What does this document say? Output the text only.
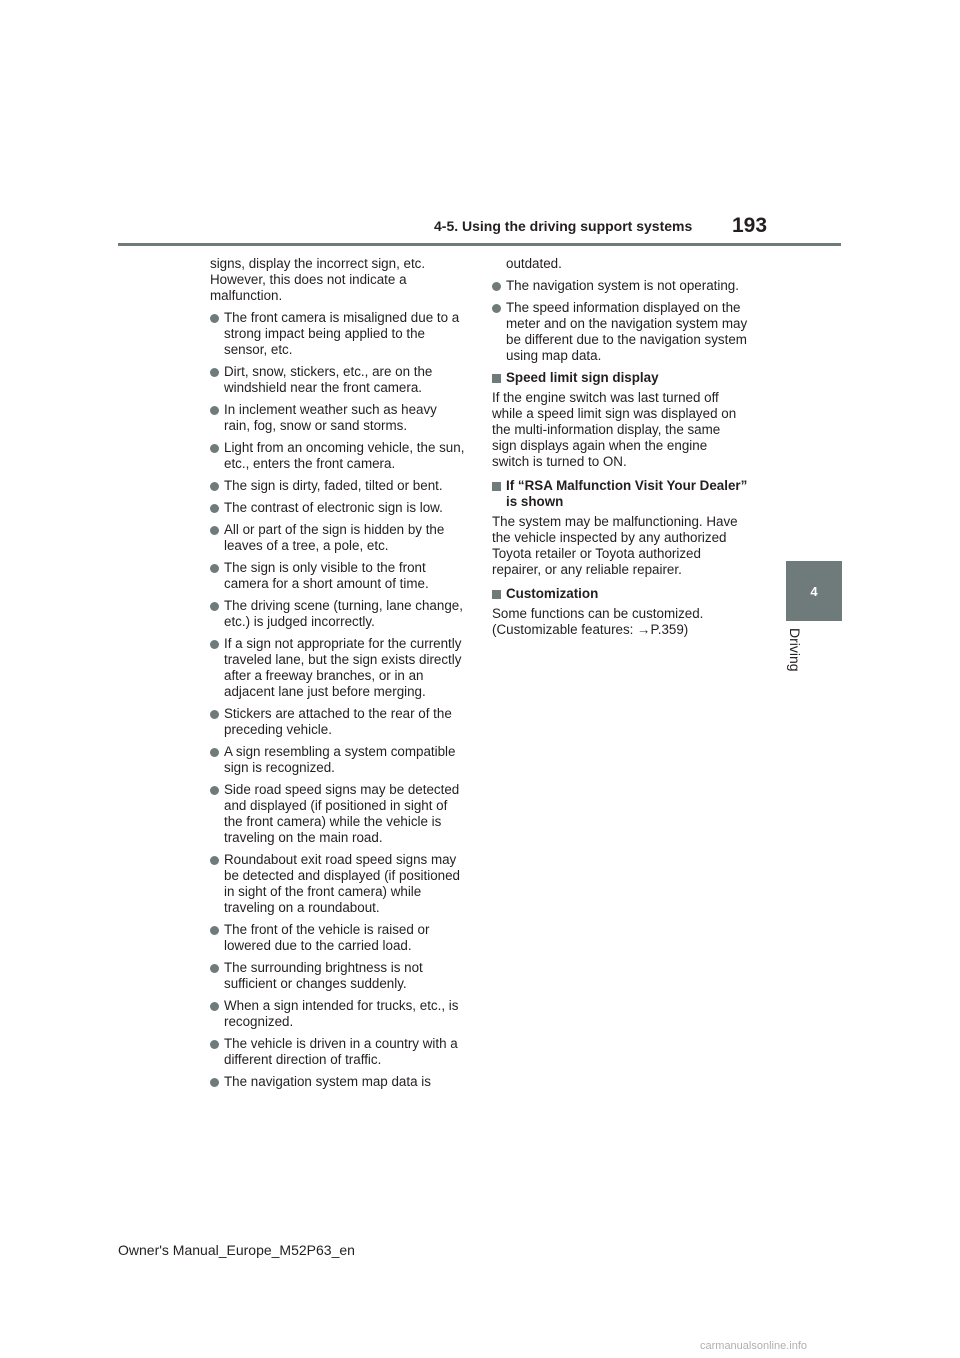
4-5. Using the driving support systems 193
4
Driving

signs, display the incorrect sign, etc. However, this does not indicate a malfunction.

The front camera is misaligned due to a strong impact being applied to the sensor, etc.
Dirt, snow, stickers, etc., are on the windshield near the front camera.
In inclement weather such as heavy rain, fog, snow or sand storms.
Light from an oncoming vehicle, the sun, etc., enters the front camera.
The sign is dirty, faded, tilted or bent.
The contrast of electronic sign is low.
All or part of the sign is hidden by the leaves of a tree, a pole, etc.
The sign is only visible to the front camera for a short amount of time.
The driving scene (turning, lane change, etc.) is judged incorrectly.
If a sign not appropriate for the currently traveled lane, but the sign exists directly after a freeway branches, or in an adjacent lane just before merging.
Stickers are attached to the rear of the preceding vehicle.
A sign resembling a system compatible sign is recognized.
Side road speed signs may be detected and displayed (if positioned in sight of the front camera) while the vehicle is traveling on the main road.
Roundabout exit road speed signs may be detected and displayed (if positioned in sight of the front camera) while traveling on a roundabout.
The front of the vehicle is raised or lowered due to the carried load.
The surrounding brightness is not sufficient or changes suddenly.
When a sign intended for trucks, etc., is recognized.
The vehicle is driven in a country with a different direction of traffic.
The navigation system map data is

outdated.

The navigation system is not operating.
The speed information displayed on the meter and on the navigation system may be different due to the navigation system using map data.
Speed limit sign display

If the engine switch was last turned off while a speed limit sign was displayed on the multi-information display, the same sign displays again when the engine switch is turned to ON.

If “RSA Malfunction Visit Your Dealer” is shown

The system may be malfunctioning. Have the vehicle inspected by any authorized Toyota retailer or Toyota authorized repairer, or any reliable repairer.

Customization

Some functions can be customized. (Customizable features: →P.359)

Owner's Manual_Europe_M52P63_en
carmanualsonline.info
